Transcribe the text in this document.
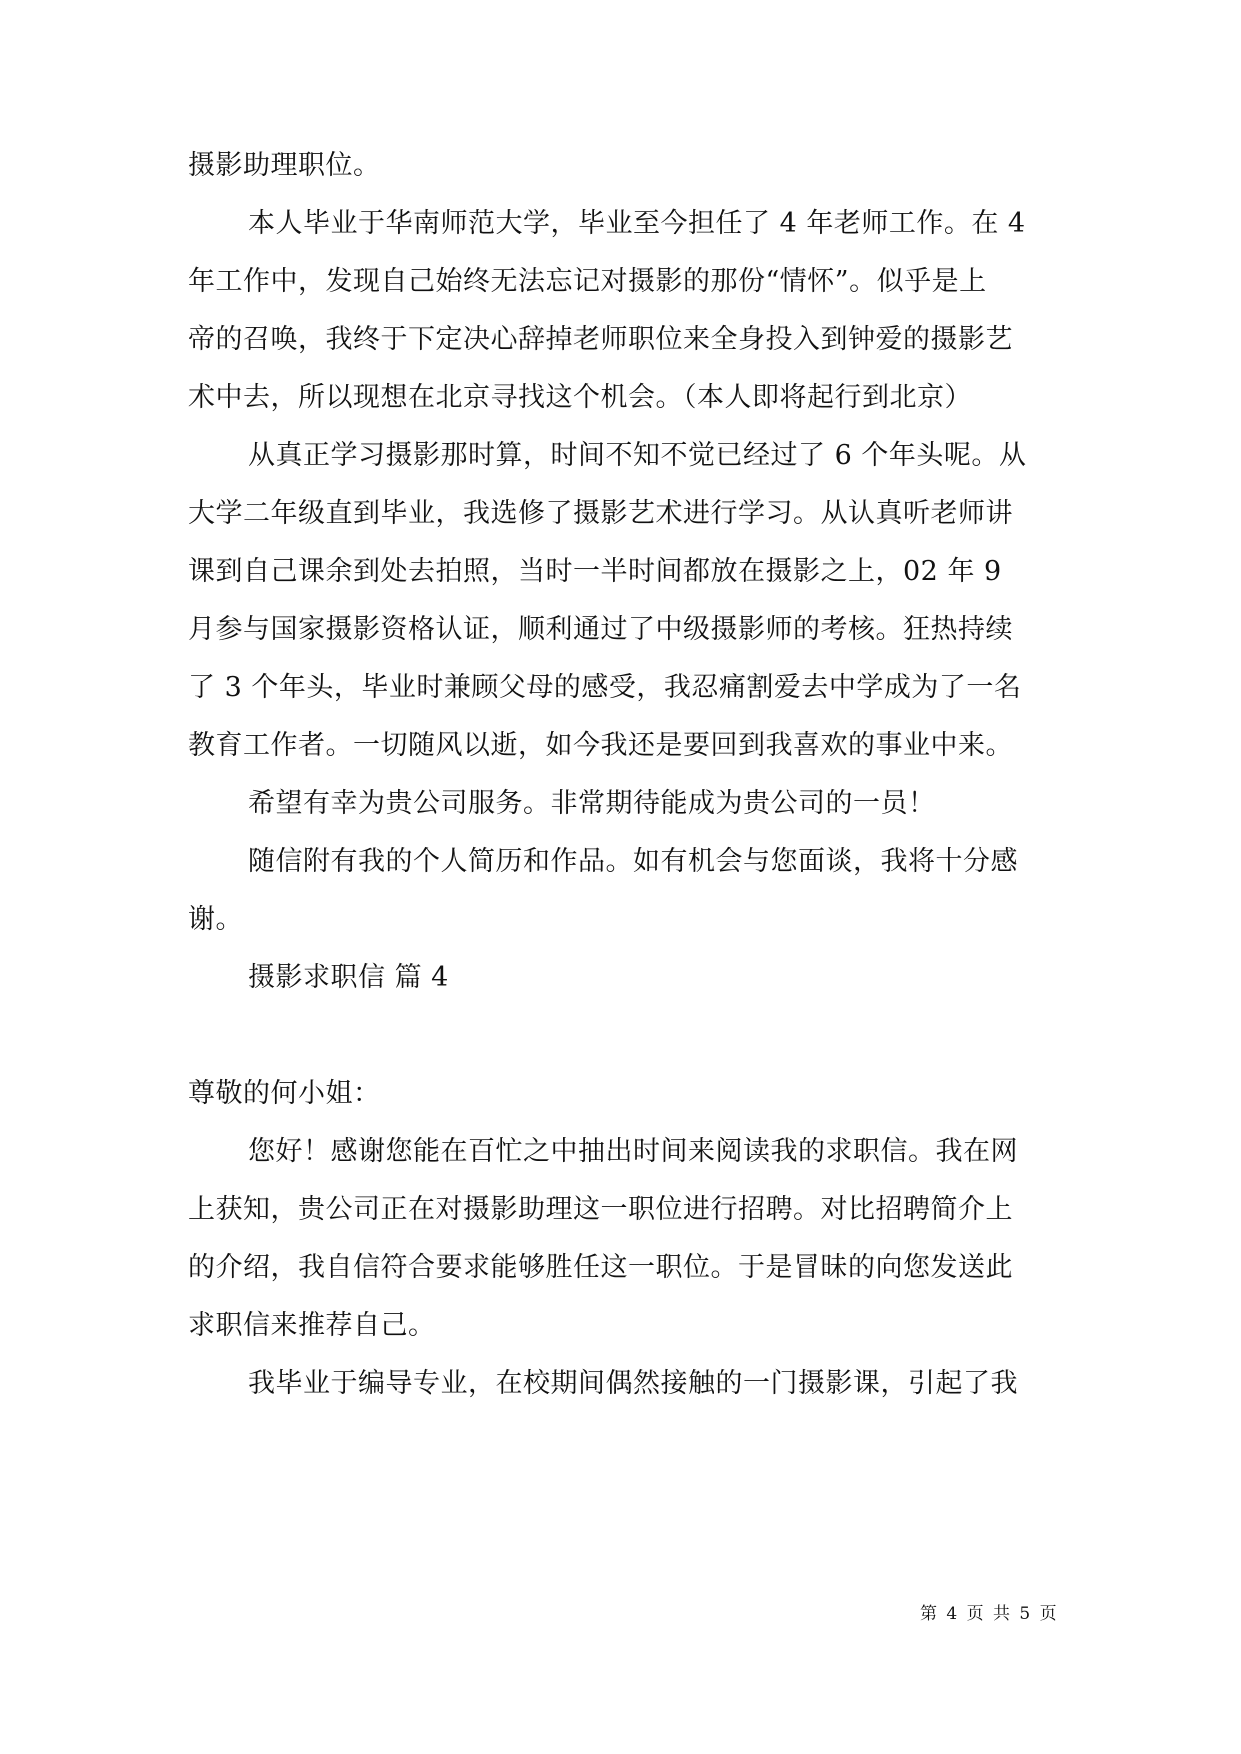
摄影助理职位。
本人毕业于华南师范大学，毕业至今担任了 4 年老师工作。在 4
年工作中，发现自己始终无法忘记对摄影的那份“情怀”。似乎是上
帝的召唤，我终于下定决心辞掉老师职位来全身投入到钟爱的摄影艺
术中去，所以现想在北京寻找这个机会。（本人即将起行到北京）
从真正学习摄影那时算，时间不知不觉已经过了 6 个年头呢。从
大学二年级直到毕业，我选修了摄影艺术进行学习。从认真听老师讲
课到自己课余到处去拍照，当时一半时间都放在摄影之上，02 年 9
月参与国家摄影资格认证，顺利通过了中级摄影师的考核。狂热持续
了 3 个年头，毕业时兼顾父母的感受，我忍痛割爱去中学成为了一名
教育工作者。一切随风以逝，如今我还是要回到我喜欢的事业中来。
希望有幸为贵公司服务。非常期待能成为贵公司的一员！
随信附有我的个人简历和作品。如有机会与您面谈，我将十分感
谢。
摄影求职信 篇 4
尊敬的何小姐：
您好！感谢您能在百忙之中抽出时间来阅读我的求职信。我在网
上获知，贵公司正在对摄影助理这一职位进行招聘。对比招聘简介上
的介绍，我自信符合要求能够胜任这一职位。于是冒昧的向您发送此
求职信来推荐自己。
我毕业于编导专业，在校期间偶然接触的一门摄影课，引起了我
第 4 页 共 5 页
